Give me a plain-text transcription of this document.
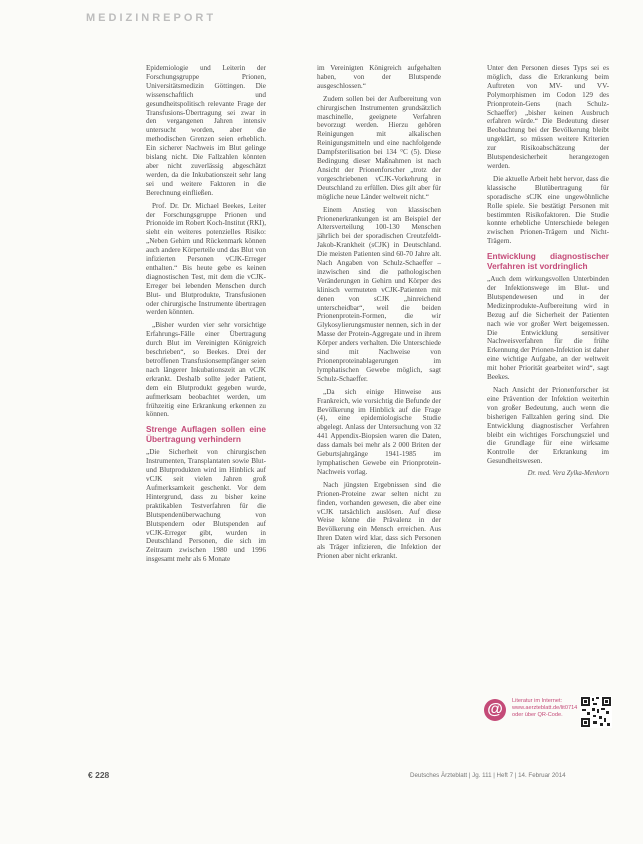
MEDIZINREPORT

Epidemiologie und Leiterin der Forschungsgruppe Prionen, Universitätsmedizin Göttingen. Die wissenschaftlich und gesundheitspolitisch relevante Frage der Transfusions-Übertragung sei zwar in den vergangenen Jahren intensiv untersucht worden, aber die methodischen Grenzen seien erheblich. Ein sicherer Nachweis im Blut gelinge bislang nicht. Die Fallzahlen könnten aber nicht zuverlässig abgeschätzt werden, da die Inkubationszeit sehr lang sei und weitere Faktoren in die Berechnung einfließen.

Prof. Dr. Dr. Michael Beekes, Leiter der Forschungsgruppe Prionen und Prionoide im Robert Koch-Institut (RKI), sieht ein weiteres potenzielles Risiko: „Neben Gehirn und Rückenmark können auch andere Körperteile und das Blut von infizierten Personen vCJK-Erreger enthalten.“ Bis heute gebe es keinen diagnostischen Test, mit dem die vCJK-Erreger bei lebenden Menschen durch Blut- und Blutprodukte, Transfusionen oder chirurgische Instrumente übertragen werden könnten.

„Bisher wurden vier sehr vorsichtige Erfahrungs-Fälle einer Übertragung durch Blut im Vereinigten Königreich beschrieben“, so Beekes. Drei der betroffenen Transfusionsempfänger seien nach längerer Inkubationszeit an vCJK erkrankt. Deshalb sollte jeder Patient, dem ein Blutprodukt gegeben wurde, aufmerksam beobachtet werden, um frühzeitig eine Erkrankung erkennen zu können.

Strenge Auflagen sollen eine Übertragung verhindern

„Die Sicherheit von chirurgischen Instrumenten, Transplantaten sowie Blut- und Blutprodukten wird im Hinblick auf vCJK seit vielen Jahren groß Aufmerksamkeit geschenkt. Vor dem Hintergrund, dass zu bisher keine praktikablen Testverfahren für die Blutspendenüberwachung von Blutspendern oder Blutspenden auf vCJK-Erreger gibt, wurden in Deutschland Personen, die sich im Zeitraum zwischen 1980 und 1996 insgesamt mehr als 6 Monate

im Vereinigten Königreich aufgehalten haben, von der Blutspende ausgeschlossen.“

Zudem sollen bei der Aufbereitung von chirurgischen Instrumenten grundsätzlich maschinelle, geeignete Verfahren bevorzugt werden. Hierzu gehören Reinigungen mit alkalischen Reinigungsmitteln und eine nachfolgende Dampfsterilisation bei 134 °C (5). Diese Bedingung dieser Maßnahmen ist nach Ansicht der Prionenforscher „trotz der vorgeschriebenen vCJK-Vorkehrung in Deutschland zu erfüllen. Dies gilt aber für mögliche neue Länder weltweit nicht.“

Einem Anstieg von klassischen Prionenerkrankungen ist am Beispiel der Altersverteilung 100-130 Menschen jährlich bei der sporadischen Creutzfeldt-Jakob-Krankheit (sCJK) in Deutschland. Die meisten Patienten sind 60-70 Jahre alt. Nach Angaben von Schulz-Schaeffer – inzwischen sind die pathologischen Veränderungen in Gehirn und Körper des klinisch vermuteten vCJK-Patienten mit denen von sCJK „hinreichend unterscheidbar“, weil die beiden Prionenprotein-Formen, die wir Glykosylierungsmuster nennen, sich in der Masse der Protein-Aggregate und in ihrem Körper anders verhalten. Die Unterschiede sind mit Nachweise von Prionenproteinablagerungen im lymphatischen Gewebe möglich, sagt Schulz-Schaeffer.

„Da sich einige Hinweise aus Frankreich, wie vorsichtig die Befunde der Bevölkerung im Hinblick auf die Frage (4), eine epidemiologische Studie abgelegt. Anlass der Untersuchung von 32 441 Appendix-Biopsien waren die Daten, dass damals bei mehr als 2 000 Briten der Geburtsjahrgänge 1941-1985 im lymphatischen Gewebe ein Prionprotein-Nachweis vorlag.

Nach jüngsten Ergebnissen sind die Prionen-Proteine zwar selten nicht zu finden, vorhanden gewesen, die aber eine vCJK tatsächlich auslösen. Auf diese Weise könne die Prävalenz in der Bevölkerung ein Mensch erreichen. Aus Ihren Daten wird klar, dass sich Personen als Träger infizieren, die Infektion der Prionen aber nicht erkrankt.

Unter den Personen dieses Typs sei es möglich, dass die Erkrankung beim Auftreten von MV- und VV-Polymorphismen im Codon 129 des Prionprotein-Gens (nach Schulz-Schaeffer) „bisher keinen Ausbruch erfahren würde.“ Die Bedeutung dieser Beobachtung bei der Bevölkerung bleibt ungeklärt, so müssen weitere Kriterien zur Risikoabschätzung der Blutspendesicherheit herangezogen werden.

Die aktuelle Arbeit hebt hervor, dass die klassische Blutübertragung für sporadische sCJK eine ungewöhnliche Rolle spiele. Sie bestätigt Personen mit bestimmten Risikofaktoren. Die Studie konnte erhebliche Unterschiede belegen zwischen Prionen-Trägern und Nicht-Trägern.

Entwicklung diagnostischer Verfahren ist vordringlich

„Auch dem wirkungsvollen Unterbinden der Infektionswege im Blut- und Blutspendewesen und in der Medizinprodukte-Aufbereitung wird in Bezug auf die Sicherheit der Patienten nach wie vor großer Wert beigemessen. Die Entwicklung sensitiver Nachweisverfahren für die frühe Erkennung der Prionen-Infektion ist daher eine wichtige Aufgabe, an der weltweit mit hoher Priorität gearbeitet wird“, sagt Beekes.

Nach Ansicht der Prionenforscher ist eine Prävention der Infektion weiterhin von großer Bedeutung, auch wenn die bisherigen Fallzahlen gering sind. Die Entwicklung diagnostischer Verfahren bleibt ein wichtiges Forschungsziel und die Grundlage für eine wirksame Kontrolle der Erkrankung im Gesundheitswesen.

Dr. med. Vera Zylka-Menhorn
@	Literatur im Internet: www.aerzteblatt.de/lit0714 oder über QR-Code.
€ 228	Deutsches Ärzteblatt | Jg. 111 | Heft 7 | 14. Februar 2014
